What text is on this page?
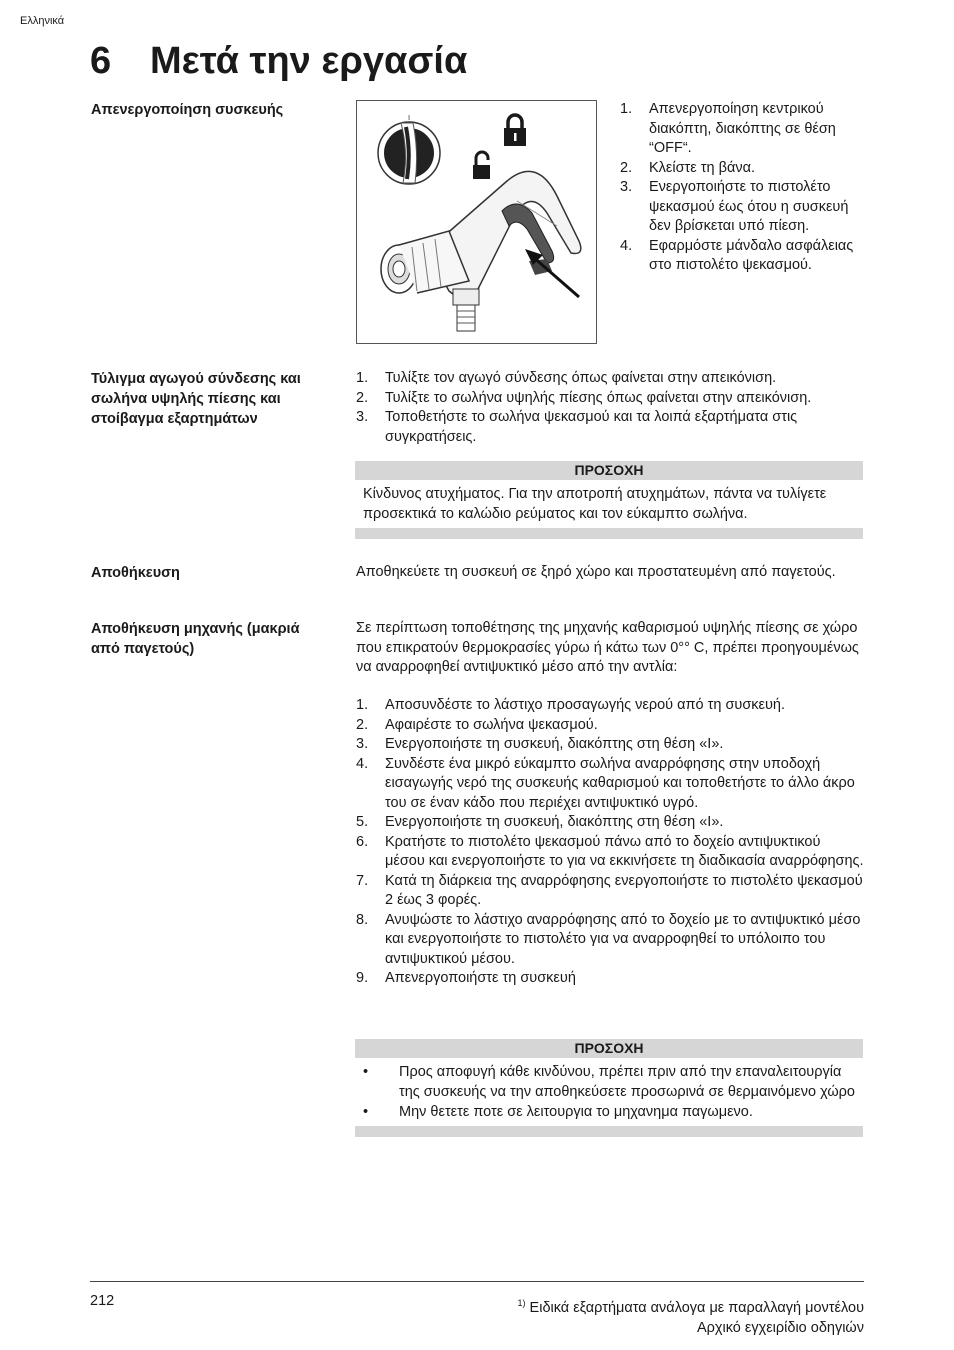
Ελληνικά
6	Μετά την εργασία
Απενεργοποίηση συσκευής	I
1.	Απενεργοποίηση κεντρικού διακόπτη, διακόπτης σε θέση “OFF“.
2.	Κλείστε τη βάνα.
3.	Ενεργοποιήστε το πιστολέτο ψεκασμού έως ότου η συσκευή δεν βρίσκεται υπό πίεση.
4.	Εφαρμόστε μάνδαλο ασφάλειας στο πιστολέτο ψεκασμού.
Τύλιγμα αγωγού σύνδεσης και σωλήνα υψηλής πίεσης και στοίβαγμα εξαρτημάτων
1.	Τυλίξτε τον αγωγό σύνδεσης όπως φαίνεται στην απεικόνιση.
2.	Τυλίξτε το σωλήνα υψηλής πίεσης όπως φαίνεται στην απεικόνιση.
3.	Τοποθετήστε το σωλήνα ψεκασμού και τα λοιπά εξαρτήματα στις συγκρατήσεις.
ΠΡΟΣΟΧΗ
Κίνδυνος ατυχήματος. Για την αποτροπή ατυχημάτων, πάντα να τυλίγετε προσεκτικά το καλώδιο ρεύματος και τον εύκαμπτο σωλήνα.
Αποθήκευση	Αποθηκεύετε τη συσκευή σε ξηρό χώρο και προστατευμένη από παγετούς.
Αποθήκευση μηχανής (μακριά από παγετούς)
Σε περίπτωση τοποθέτησης της μηχανής καθαρισμού υψηλής πίεσης σε χώρο που επικρατούν θερμοκρασίες γύρω ή κάτω των 0°° C, πρέπει προηγουμένως να αναρροφηθεί αντιψυκτικό μέσο από την αντλία:
1.	Αποσυνδέστε το λάστιχο προσαγωγής νερού από τη συσκευή.
2.	Αφαιρέστε το σωλήνα ψεκασμού.
3.	Ενεργοποιήστε τη συσκευή, διακόπτης στη θέση «I».
4.	Συνδέστε ένα μικρό εύκαμπτο σωλήνα αναρρόφησης στην υποδοχή εισαγωγής νερό της συσκευής καθαρισμού και τοποθετήστε το άλλο άκρο του σε έναν κάδο που περιέχει αντιψυκτικό υγρό.
5.	Ενεργοποιήστε τη συσκευή, διακόπτης στη θέση «I».
6.	Κρατήστε το πιστολέτο ψεκασμού πάνω από το δοχείο αντιψυκτικού μέσου και ενεργοποιήστε το για να εκκινήσετε τη διαδικασία αναρρόφησης.
7.	Κατά τη διάρκεια της αναρρόφησης ενεργοποιήστε το πιστολέτο ψεκασμού 2 έως 3 φορές.
8.	Ανυψώστε το λάστιχο αναρρόφησης από το δοχείο με το αντιψυκτικό μέσο και ενεργοποιήστε το πιστολέτο για να αναρροφηθεί το υπόλοιπο του αντιψυκτικού μέσου.
9.	Απενεργοποιήστε τη συσκευή
ΠΡΟΣΟΧΗ
•	Προς αποφυγή κάθε κινδύνου, πρέπει πριν από την επαναλειτουργία της συσκευής να την αποθηκεύσετε προσωρινά σε θερμαινόμενο χώρο
•	Μην θετετε ποτε σε λειτουργια το μηχανημα παγωμενο.
212	$^{1)}$ Ειδικά εξαρτήματα ανάλογα με παραλλαγή μοντέλου
Αρχικό εγχειρίδιο οδηγιών
